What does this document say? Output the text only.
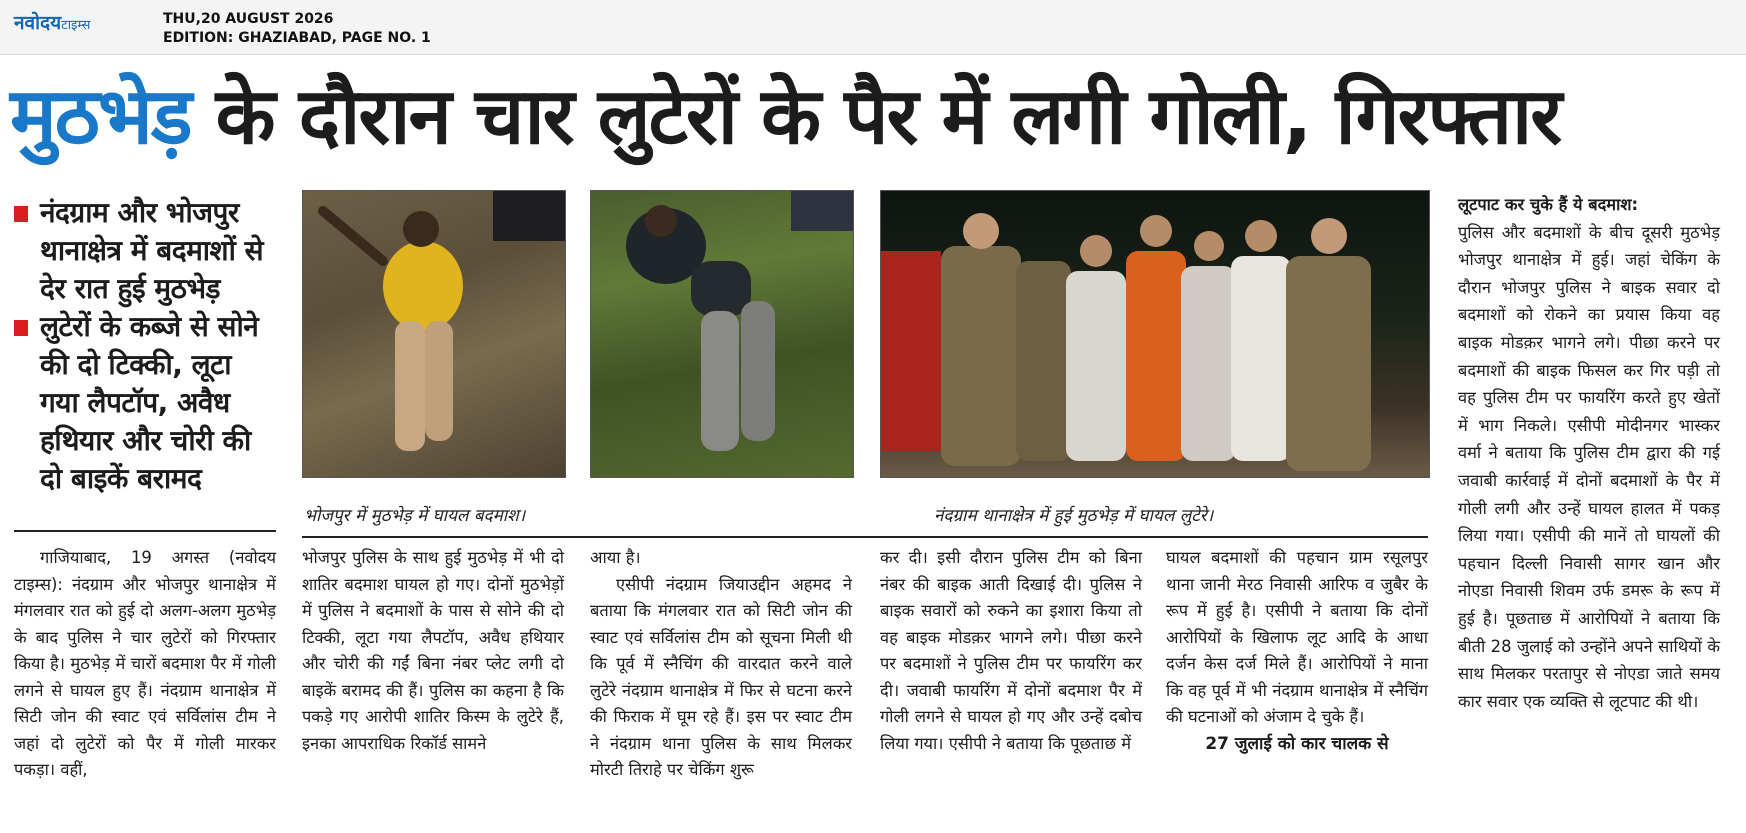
नवोदयटाइम्स	THU,20 AUGUST 2026
EDITION: GHAZIABAD, PAGE NO. 1
मुठभेड़ के दौरान चार लुटेरों के पैर में लगी गोली, गिरफ्तार
नंदग्राम और भोजपुर थानाक्षेत्र में बदमाशों से देर रात हुई मुठभेड़
लुटेरों के कब्जे से सोने की दो टिक्की, लूटा गया लैपटॉप, अवैध हथियार और चोरी की दो बाइकें बरामद
भोजपुर में मुठभेड़ में घायल बदमाश।	नंदग्राम थानाक्षेत्र में हुई मुठभेड़ में घायल लुटेरे।

गाजियाबाद, 19 अगस्त (नवोदय टाइम्स): नंदग्राम और भोजपुर थानाक्षेत्र में मंगलवार रात को हुई दो अलग-अलग मुठभेड़ के बाद पुलिस ने चार लुटेरों को गिरफ्तार किया है। मुठभेड़ में चारों बदमाश पैर में गोली लगने से घायल हुए हैं। नंदग्राम थानाक्षेत्र में सिटी जोन की स्वाट एवं सर्विलांस टीम ने जहां दो लुटेरों को पैर में गोली मारकर पकड़ा। वहीं,

भोजपुर पुलिस के साथ हुई मुठभेड़ में भी दो शातिर बदमाश घायल हो गए। दोनों मुठभेड़ों में पुलिस ने बदमाशों के पास से सोने की दो टिक्की, लूटा गया लैपटॉप, अवैध हथियार और चोरी की गईं बिना नंबर प्लेट लगी दो बाइकें बरामद की हैं। पुलिस का कहना है कि पकड़े गए आरोपी शातिर किस्म के लुटेरे हैं, इनका आपराधिक रिकॉर्ड सामने

आया है।

एसीपी नंदग्राम जियाउद्दीन अहमद ने बताया कि मंगलवार रात को सिटी जोन की स्वाट एवं सर्विलांस टीम को सूचना मिली थी कि पूर्व में स्नैचिंग की वारदात करने वाले लुटेरे नंदग्राम थानाक्षेत्र में फिर से घटना करने की फिराक में घूम रहे हैं। इस पर स्वाट टीम ने नंदग्राम थाना पुलिस के साथ मिलकर मोरटी तिराहे पर चेकिंग शुरू

कर दी। इसी दौरान पुलिस टीम को बिना नंबर की बाइक आती दिखाई दी। पुलिस ने बाइक सवारों को रुकने का इशारा किया तो वह बाइक मोडक़र भागने लगे। पीछा करने पर बदमाशों ने पुलिस टीम पर फायरिंग कर दी। जवाबी फायरिंग में दोनों बदमाश पैर में गोली लगने से घायल हो गए और उन्हें दबोच लिया गया। एसीपी ने बताया कि पूछताछ में

घायल बदमाशों की पहचान ग्राम रसूलपुर थाना जानी मेरठ निवासी आरिफ व जुबैर के रूप में हुई है। एसीपी ने बताया कि दोनों आरोपियों के खिलाफ लूट आदि के आधा दर्जन केस दर्ज मिले हैं। आरोपियों ने माना कि वह पूर्व में भी नंदग्राम थानाक्षेत्र में स्नैचिंग की घटनाओं को अंजाम दे चुके हैं।

27 जुलाई को कार चालक से

लूटपाट कर चुके हैं ये बदमाश:

पुलिस और बदमाशों के बीच दूसरी मुठभेड़ भोजपुर थानाक्षेत्र में हुई। जहां चेकिंग के दौरान भोजपुर पुलिस ने बाइक सवार दो बदमाशों को रोकने का प्रयास किया वह बाइक मोडक़र भागने लगे। पीछा करने पर बदमाशों की बाइक फिसल कर गिर पड़ी तो वह पुलिस टीम पर फायरिंग करते हुए खेतों में भाग निकले। एसीपी मोदीनगर भास्कर वर्मा ने बताया कि पुलिस टीम द्वारा की गई जवाबी कार्रवाई में दोनों बदमाशों के पैर में गोली लगी और उन्हें घायल हालत में पकड़ लिया गया। एसीपी की मानें तो घायलों की पहचान दिल्ली निवासी सागर खान और नोएडा निवासी शिवम उर्फ डमरू के रूप में हुई है। पूछताछ में आरोपियों ने बताया कि बीती 28 जुलाई को उन्होंने अपने साथियों के साथ मिलकर परतापुर से नोएडा जाते समय कार सवार एक व्यक्ति से लूटपाट की थी।
